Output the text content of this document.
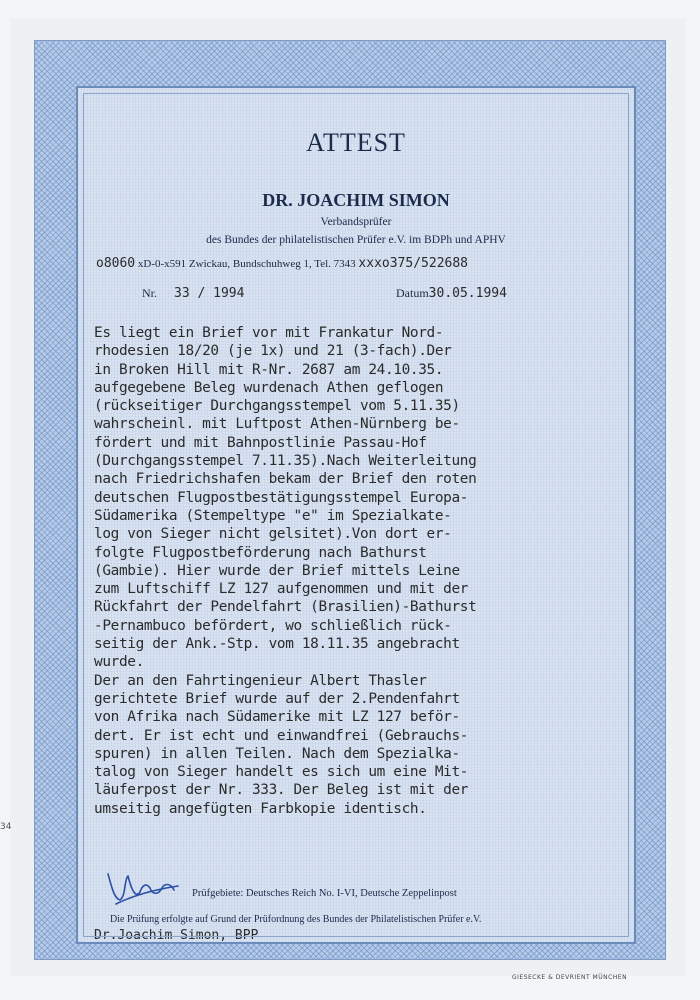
ATTEST
DR. JOACHIM SIMON
Verbandsprüfer
des Bundes der philatelistischen Prüfer e.V. im BDPh und APHV
o8060 xD-0-x591 Zwickau, Bundschuhweg 1, Tel. 7343 xxxo375/522688
Nr. 33 / 1994	Datum30.05.1994
Es liegt ein Brief vor mit Frankatur Nord-
rhodesien 18/20 (je 1x) und 21 (3-fach).Der
in Broken Hill mit R-Nr. 2687 am 24.10.35.
aufgegebene Beleg wurdenach Athen geflogen
(rückseitiger Durchgangsstempel vom 5.11.35)
wahrscheinl. mit Luftpost Athen-Nürnberg be-
fördert und mit Bahnpostlinie Passau-Hof
(Durchgangsstempel 7.11.35).Nach Weiterleitung
nach Friedrichshafen bekam der Brief den roten
deutschen Flugpostbestätigungsstempel Europa-
Südamerika (Stempeltype "e" im Spezialkate-
log von Sieger nicht gelsitet).Von dort er-
folgte Flugpostbeförderung nach Bathurst
(Gambie). Hier wurde der Brief mittels Leine
zum Luftschiff LZ 127 aufgenommen und mit der
Rückfahrt der Pendelfahrt (Brasilien)-Bathurst
-Pernambuco befördert, wo schließlich rück-
seitig der Ank.-Stp. vom 18.11.35 angebracht
wurde.
Der an den Fahrtingenieur Albert Thasler
gerichtete Brief wurde auf der 2.Pendenfahrt
von Afrika nach Südamerike mit LZ 127 beför-
dert. Er ist echt und einwandfrei (Gebrauchs-
spuren) in allen Teilen. Nach dem Spezialka-
talog von Sieger handelt es sich um eine Mit-
läuferpost der Nr. 333. Der Beleg ist mit der
umseitig angefügten Farbkopie identisch.
Prüfgebiete: Deutsches Reich No. I-VI, Deutsche Zeppelinpost
Die Prüfung erfolgte auf Grund der Prüfordnung des Bundes der Philatelistischen Prüfer e.V.
Dr.Joachim Simon, BPP
34
GIESECKE & DEVRIENT MÜNCHEN
